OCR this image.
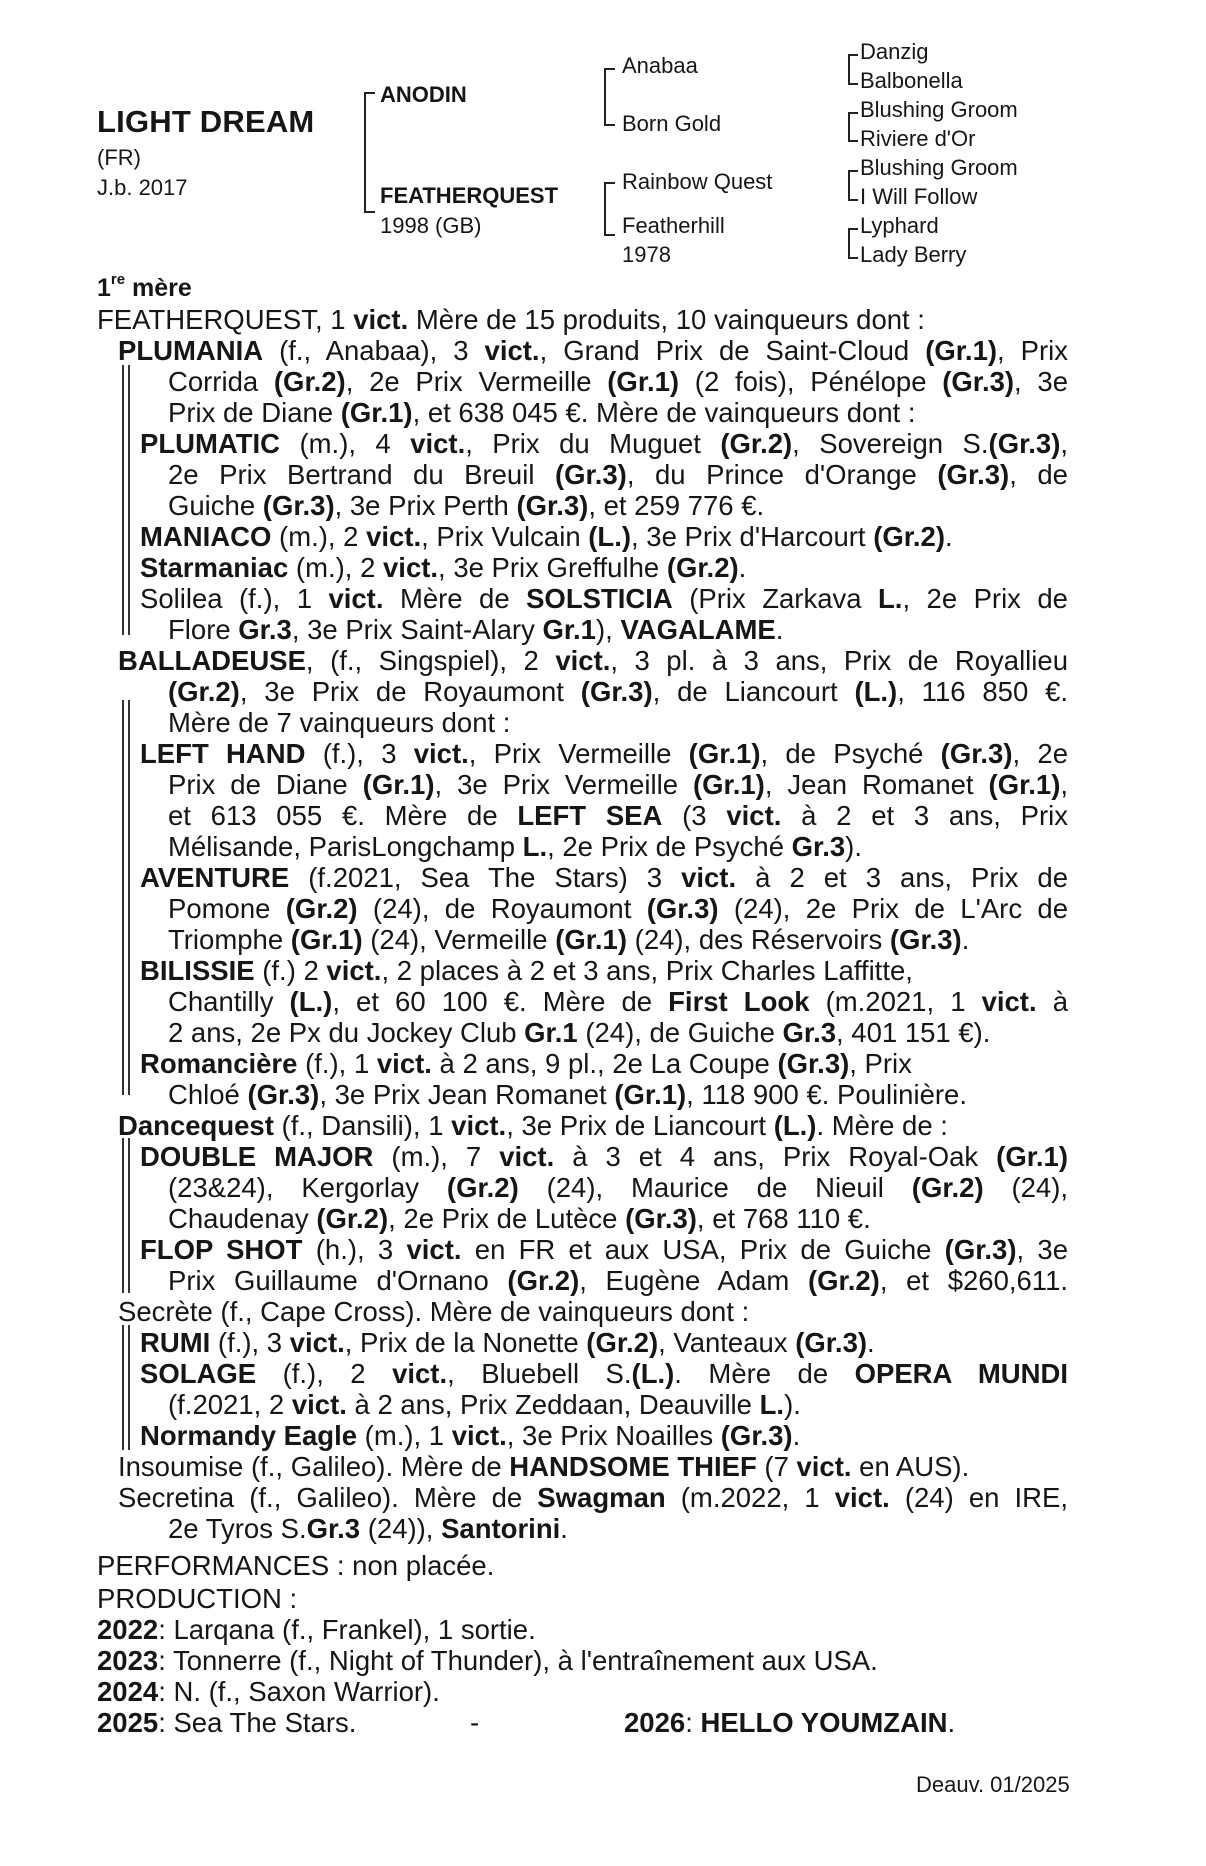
LIGHT DREAM
(FR)
J.b. 2017
ANODIN
FEATHERQUEST
1998 (GB)
Anabaa
Born Gold
Rainbow Quest
Featherhill
1978
Danzig
Balbonella
Blushing Groom
Riviere d'Or
Blushing Groom
I Will Follow
Lyphard
Lady Berry
1re mère
FEATHERQUEST, 1 vict. Mère de 15 produits, 10 vainqueurs dont :
PLUMANIA (f., Anabaa), 3 vict., Grand Prix de Saint-Cloud (Gr.1), Prix
Corrida (Gr.2), 2e Prix Vermeille (Gr.1) (2 fois), Pénélope (Gr.3), 3e
Prix de Diane (Gr.1), et 638 045 €. Mère de vainqueurs dont :
PLUMATIC (m.), 4 vict., Prix du Muguet (Gr.2), Sovereign S.(Gr.3),
2e Prix Bertrand du Breuil (Gr.3), du Prince d'Orange (Gr.3), de
Guiche (Gr.3), 3e Prix Perth (Gr.3), et 259 776 €.
MANIACO (m.), 2 vict., Prix Vulcain (L.), 3e Prix d'Harcourt (Gr.2).
Starmaniac (m.), 2 vict., 3e Prix Greffulhe (Gr.2).
Solilea (f.), 1 vict. Mère de SOLSTICIA (Prix Zarkava L., 2e Prix de
Flore Gr.3, 3e Prix Saint-Alary Gr.1), VAGALAME.
BALLADEUSE, (f., Singspiel), 2 vict., 3 pl. à 3 ans, Prix de Royallieu
(Gr.2), 3e Prix de Royaumont (Gr.3), de Liancourt (L.), 116 850 €.
Mère de 7 vainqueurs dont :
LEFT HAND (f.), 3 vict., Prix Vermeille (Gr.1), de Psyché (Gr.3), 2e
Prix de Diane (Gr.1), 3e Prix Vermeille (Gr.1), Jean Romanet (Gr.1),
et 613 055 €. Mère de LEFT SEA (3 vict. à 2 et 3 ans, Prix
Mélisande, ParisLongchamp L., 2e Prix de Psyché Gr.3).
AVENTURE (f.2021, Sea The Stars) 3 vict. à 2 et 3 ans, Prix de
Pomone (Gr.2) (24), de Royaumont (Gr.3) (24), 2e Prix de L'Arc de
Triomphe (Gr.1) (24), Vermeille (Gr.1) (24), des Réservoirs (Gr.3).
BILISSIE (f.) 2 vict., 2 places à 2 et 3 ans, Prix Charles Laffitte,
Chantilly (L.), et 60 100 €. Mère de First Look (m.2021, 1 vict. à
2 ans, 2e Px du Jockey Club Gr.1 (24), de Guiche Gr.3, 401 151 €).
Romancière (f.), 1 vict. à 2 ans, 9 pl., 2e La Coupe (Gr.3), Prix
Chloé (Gr.3), 3e Prix Jean Romanet (Gr.1), 118 900 €. Poulinière.
Dancequest (f., Dansili), 1 vict., 3e Prix de Liancourt (L.). Mère de :
DOUBLE MAJOR (m.), 7 vict. à 3 et 4 ans, Prix Royal-Oak (Gr.1)
(23&24), Kergorlay (Gr.2) (24), Maurice de Nieuil (Gr.2) (24),
Chaudenay (Gr.2), 2e Prix de Lutèce (Gr.3), et 768 110 €.
FLOP SHOT (h.), 3 vict. en FR et aux USA, Prix de Guiche (Gr.3), 3e
Prix Guillaume d'Ornano (Gr.2), Eugène Adam (Gr.2), et $260,611.
Secrète (f., Cape Cross). Mère de vainqueurs dont :
RUMI (f.), 3 vict., Prix de la Nonette (Gr.2), Vanteaux (Gr.3).
SOLAGE (f.), 2 vict., Bluebell S.(L.). Mère de OPERA MUNDI
(f.2021, 2 vict. à 2 ans, Prix Zeddaan, Deauville L.).
Normandy Eagle (m.), 1 vict., 3e Prix Noailles (Gr.3).
Insoumise (f., Galileo). Mère de HANDSOME THIEF (7 vict. en AUS).
Secretina (f., Galileo). Mère de Swagman (m.2022, 1 vict. (24) en IRE,
2e Tyros S.Gr.3 (24)), Santorini.
PERFORMANCES : non placée.
PRODUCTION :
2022: Larqana (f., Frankel), 1 sortie.
2023: Tonnerre (f., Night of Thunder), à l'entraînement aux USA.
2024: N. (f., Saxon Warrior).
2025: Sea The Stars.	-	2026: HELLO YOUMZAIN.
Deauv. 01/2025
